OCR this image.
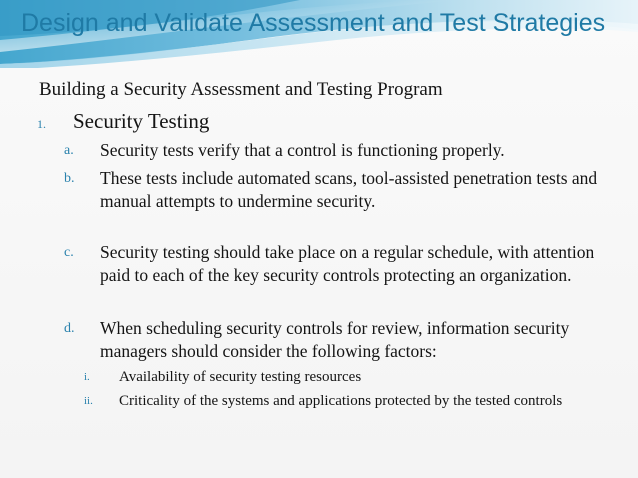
Design and Validate Assessment and Test Strategies
Building a Security Assessment and Testing Program
1. Security Testing
a. Security tests verify that a control is functioning properly.
b. These tests include automated scans, tool-assisted penetration tests and manual attempts to undermine security.
c. Security testing should take place on a regular schedule, with attention paid to each of the key security controls protecting an organization.
d. When scheduling security controls for review, information security managers should consider the following factors:
i. Availability of security testing resources
ii. Criticality of the systems and applications protected by the tested controls
